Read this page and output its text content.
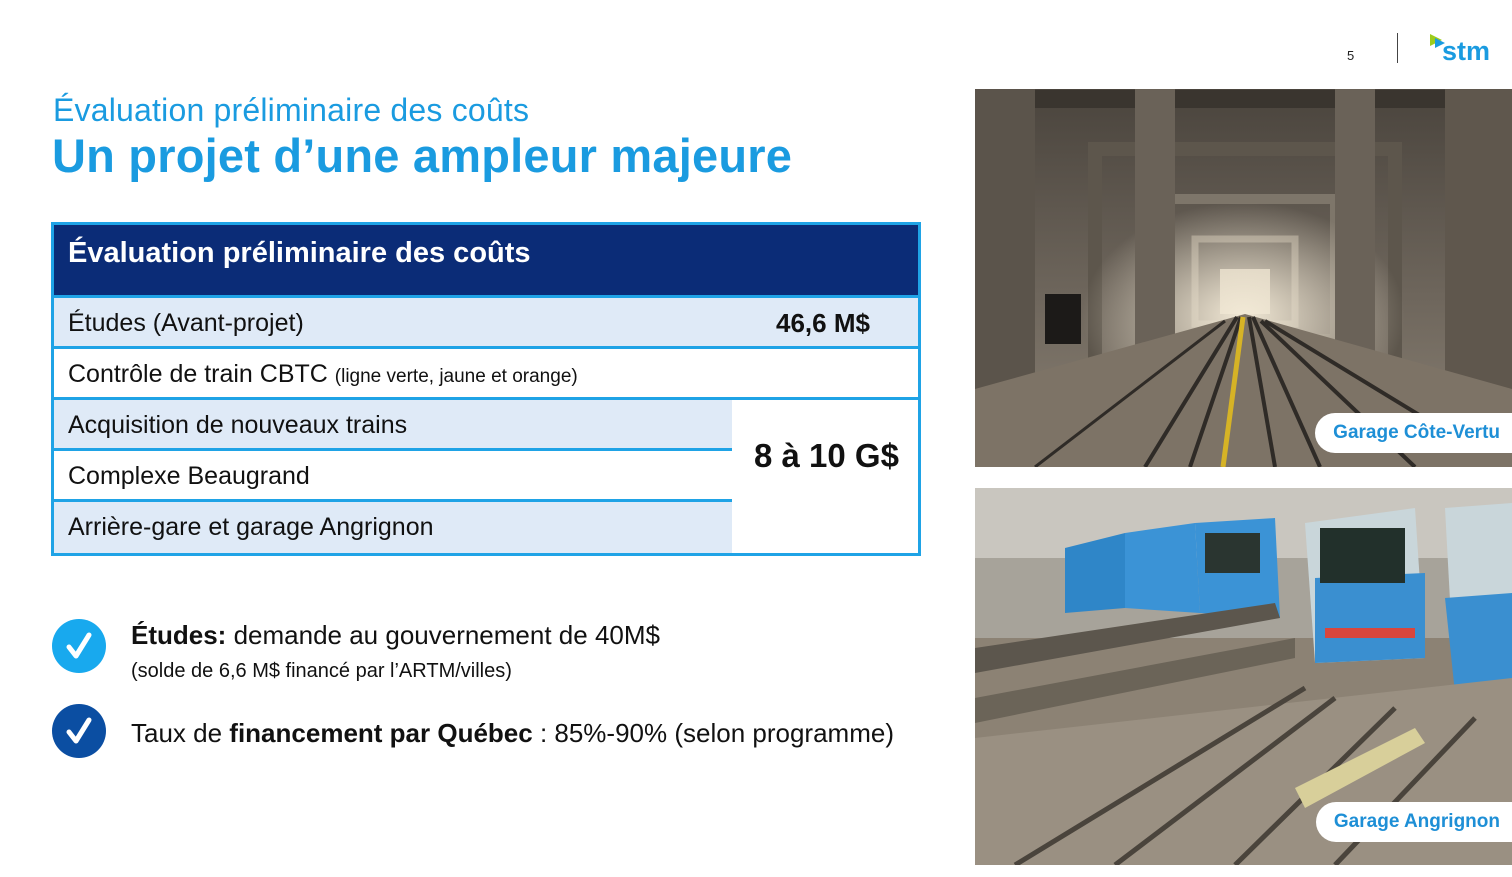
5	stm
Évaluation préliminaire des coûts
Un projet d’une ampleur majeure
Évaluation préliminaire des coûts
Études (Avant-projet)	46,6 M$
Contrôle de train CBTC (ligne verte, jaune et orange)
Acquisition de nouveaux trains
Complexe Beaugrand
Arrière-gare et garage Angrignon
8 à 10 G$
Études: demande au gouvernement de 40M$
(solde de 6,6 M$ financé par l’ARTM/villes)
Taux de financement par Québec : 85%-90% (selon programme)
Garage Côte-Vertu
Garage Angrignon
